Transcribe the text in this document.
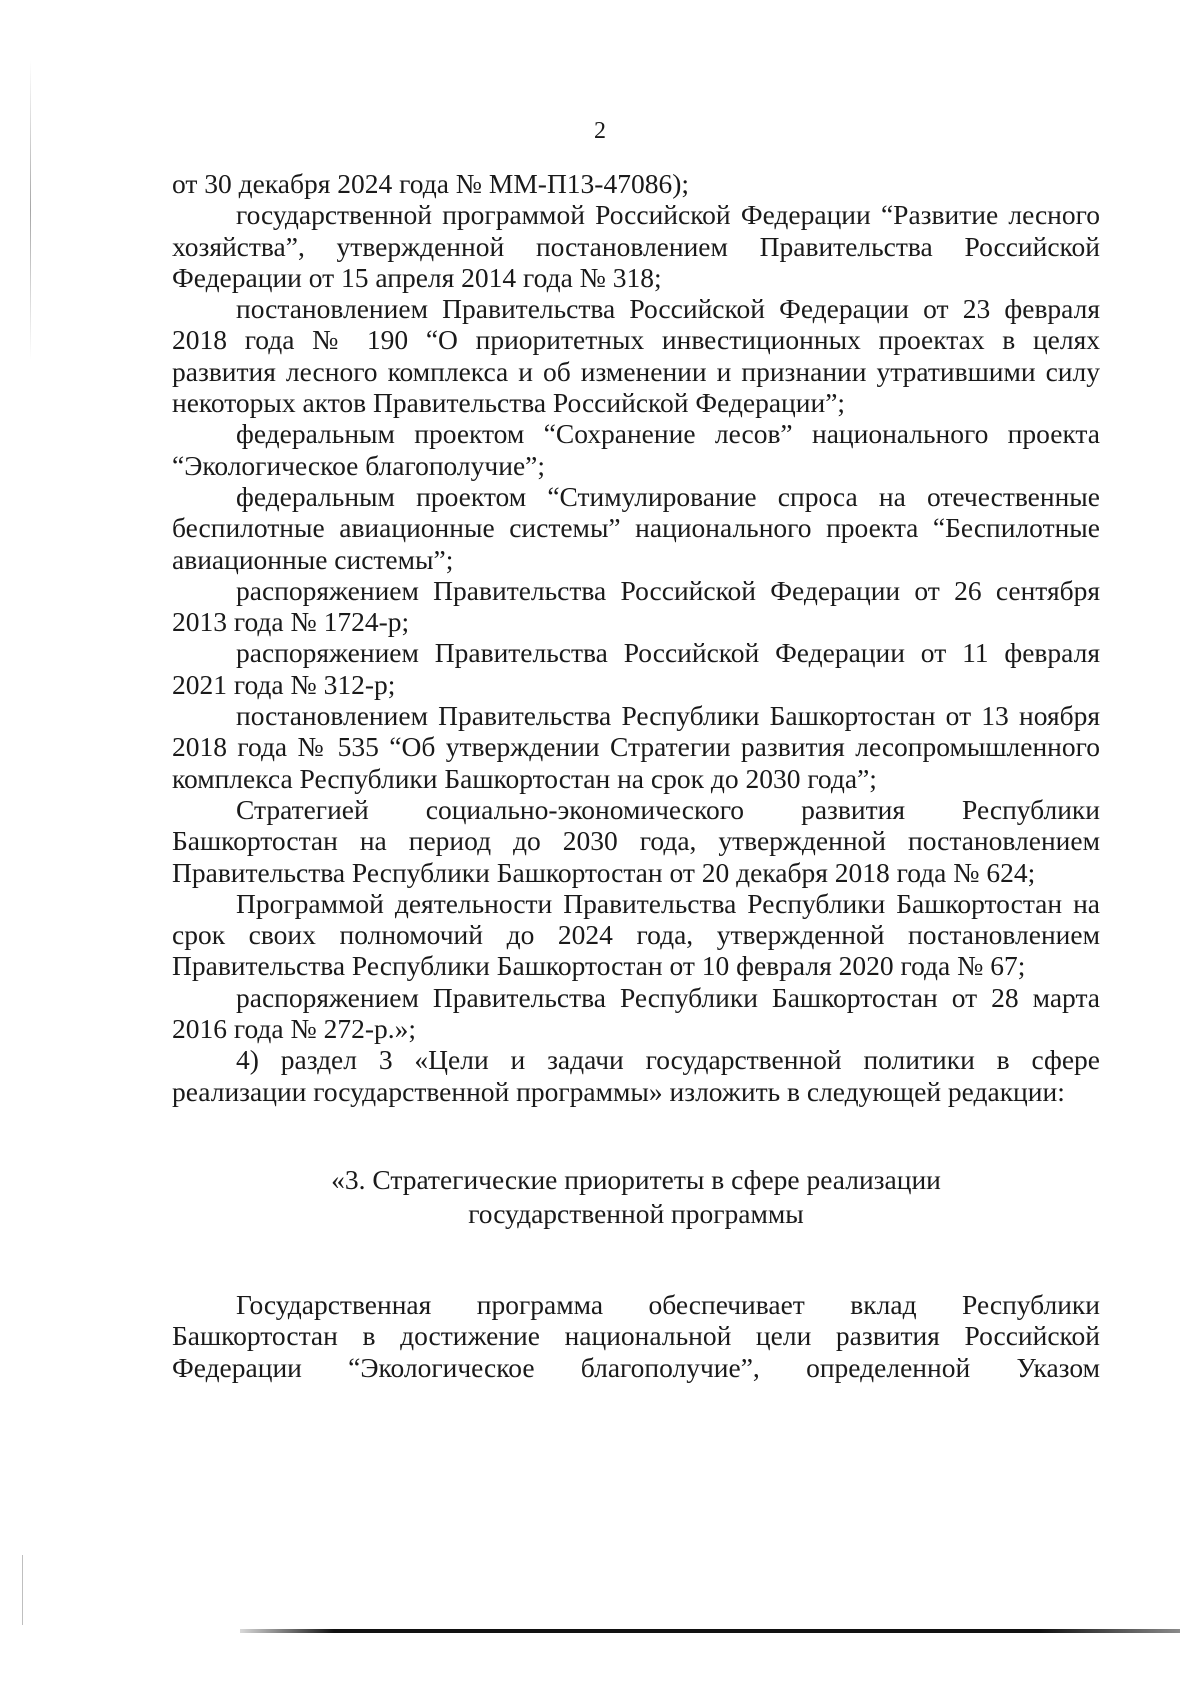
2

от 30 декабря 2024 года № ММ-П13-47086);

государственной программой Российской Федерации “Развитие лесного хозяйства”, утвержденной постановлением Правительства Российской Федерации от 15 апреля 2014 года № 318;

постановлением Правительства Российской Федерации от 23 февраля 2018 года № 190 “О приоритетных инвестиционных проектах в целях развития лесного комплекса и об изменении и признании утратившими силу некоторых актов Правительства Российской Федерации”;

федеральным проектом “Сохранение лесов” национального проекта “Экологическое благополучие”;

федеральным проектом “Стимулирование спроса на отечественные беспилотные авиационные системы” национального проекта “Беспилотные авиационные системы”;

распоряжением Правительства Российской Федерации от 26 сентября 2013 года № 1724-р;

распоряжением Правительства Российской Федерации от 11 февраля 2021 года № 312-р;

постановлением Правительства Республики Башкортостан от 13 ноября 2018 года № 535 “Об утверждении Стратегии развития лесопромышленного комплекса Республики Башкортостан на срок до 2030 года”;

Стратегией социально-экономического развития Республики Башкортостан на период до 2030 года, утвержденной постановлением Правительства Республики Башкортостан от 20 декабря 2018 года № 624;

Программой деятельности Правительства Республики Башкортостан на срок своих полномочий до 2024 года, утвержденной постановлением Правительства Республики Башкортостан от 10 февраля 2020 года № 67;

распоряжением Правительства Республики Башкортостан от 28 марта 2016 года № 272-р.»;

4) раздел 3 «Цели и задачи государственной политики в сфере реализации государственной программы» изложить в следующей редакции:

«3. Стратегические приоритеты в сфере реализации
государственной программы

Государственная программа обеспечивает вклад Республики Башкортостан в достижение национальной цели развития Российской Федерации “Экологическое благополучие”, определенной Указом
